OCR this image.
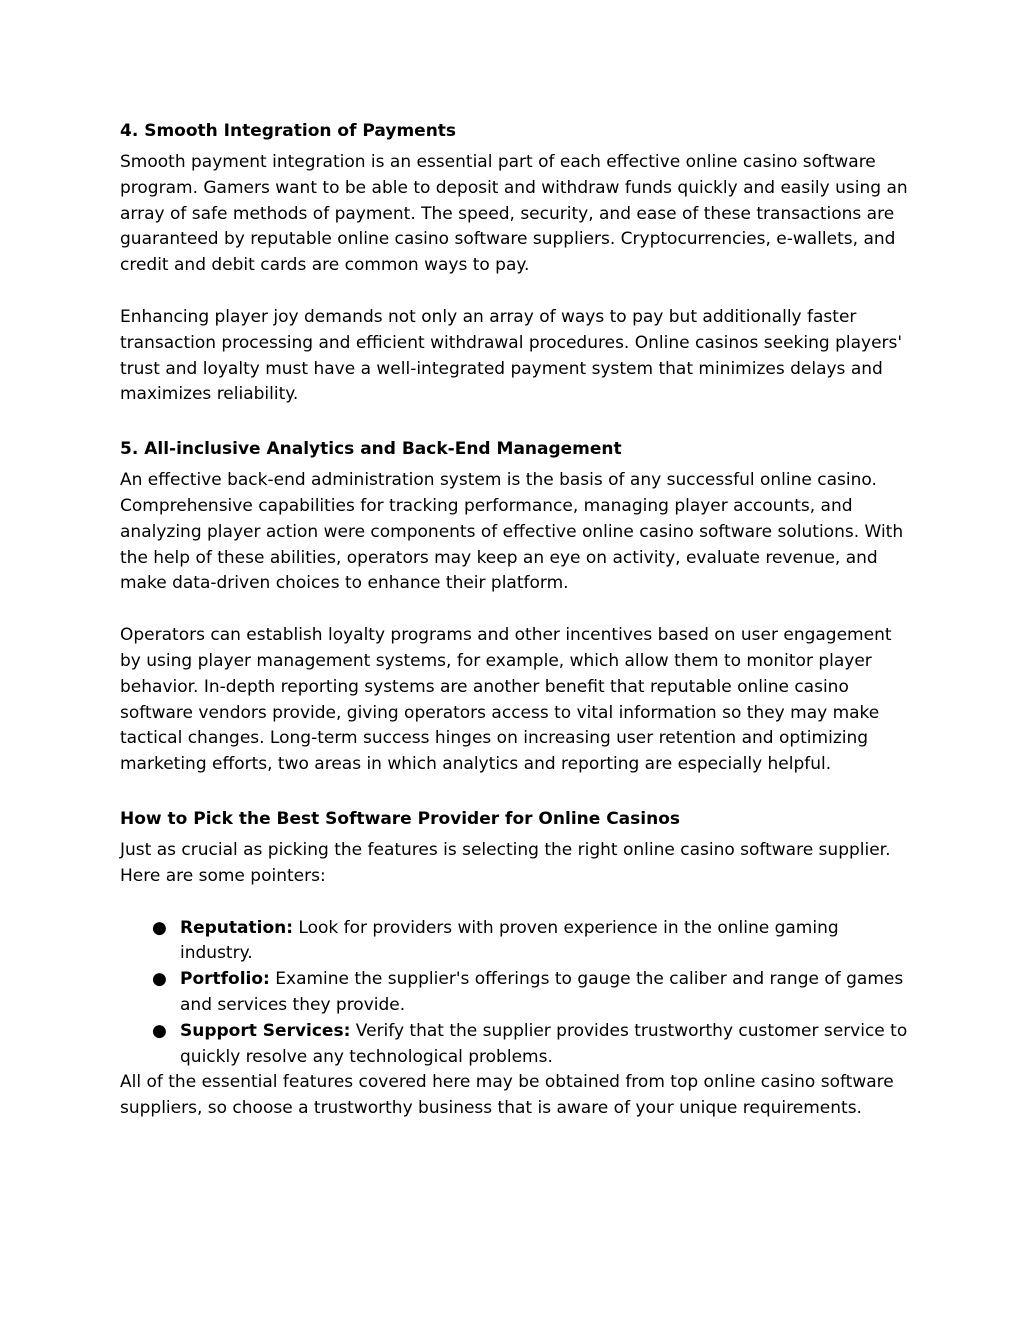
4. Smooth Integration of Payments

Smooth payment integration is an essential part of each effective online casino software program. Gamers want to be able to deposit and withdraw funds quickly and easily using an array of safe methods of payment. The speed, security, and ease of these transactions are guaranteed by reputable online casino software suppliers. Cryptocurrencies, e-wallets, and credit and debit cards are common ways to pay.

Enhancing player joy demands not only an array of ways to pay but additionally faster transaction processing and efficient withdrawal procedures. Online casinos seeking players' trust and loyalty must have a well-integrated payment system that minimizes delays and maximizes reliability.

5. All-inclusive Analytics and Back-End Management

An effective back-end administration system is the basis of any successful online casino. Comprehensive capabilities for tracking performance, managing player accounts, and analyzing player action were components of effective online casino software solutions. With the help of these abilities, operators may keep an eye on activity, evaluate revenue, and make data-driven choices to enhance their platform.

Operators can establish loyalty programs and other incentives based on user engagement by using player management systems, for example, which allow them to monitor player behavior. In-depth reporting systems are another benefit that reputable online casino software vendors provide, giving operators access to vital information so they may make tactical changes. Long-term success hinges on increasing user retention and optimizing marketing efforts, two areas in which analytics and reporting are especially helpful.

How to Pick the Best Software Provider for Online Casinos

Just as crucial as picking the features is selecting the right online casino software supplier. Here are some pointers:

● Reputation: Look for providers with proven experience in the online gaming industry.
● Portfolio: Examine the supplier's offerings to gauge the caliber and range of games and services they provide.
● Support Services: Verify that the supplier provides trustworthy customer service to quickly resolve any technological problems.

All of the essential features covered here may be obtained from top online casino software suppliers, so choose a trustworthy business that is aware of your unique requirements.
